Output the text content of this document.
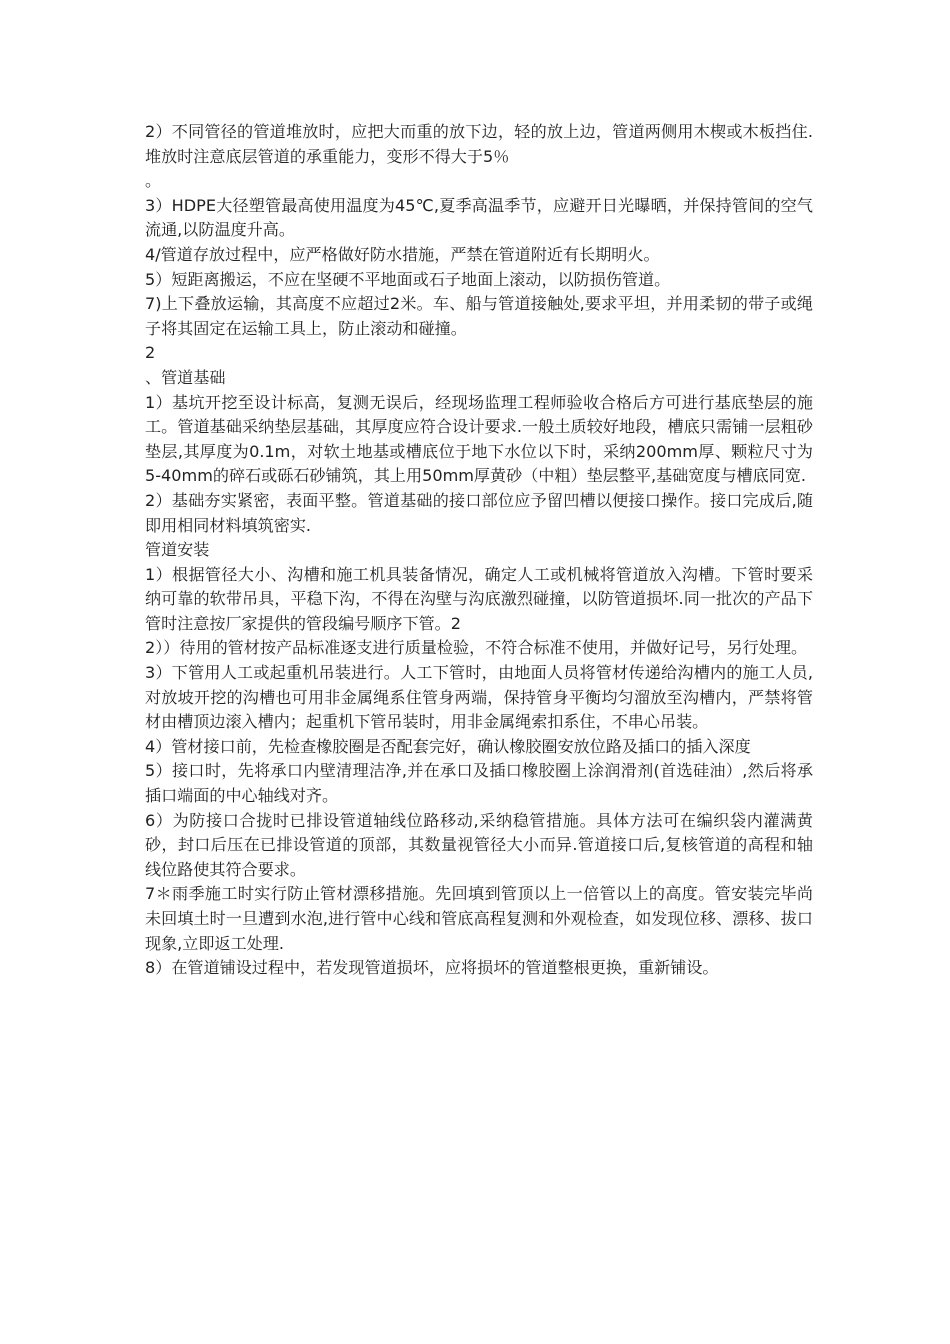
2）不同管径的管道堆放时，应把大而重的放下边，轻的放上边，管道两侧用木楔或木板挡住.堆放时注意底层管道的承重能力，变形不得大于5％

。

3）HDPE大径塑管最高使用温度为45℃,夏季高温季节，应避开日光曝晒，并保持管间的空气流通,以防温度升高。

4/管道存放过程中，应严格做好防水措施，严禁在管道附近有长期明火。

5）短距离搬运，不应在坚硬不平地面或石子地面上滚动，以防损伤管道。

7)上下叠放运输，其高度不应超过2米。车、船与管道接触处,要求平坦，并用柔韧的带子或绳子将其固定在运输工具上，防止滚动和碰撞。

2

、管道基础

1）基坑开挖至设计标高，复测无误后，经现场监理工程师验收合格后方可进行基底垫层的施工。管道基础采纳垫层基础，其厚度应符合设计要求.一般土质较好地段，槽底只需铺一层粗砂垫层,其厚度为0.1m，对软土地基或槽底位于地下水位以下时，采纳200mm厚、颗粒尺寸为5-40mm的碎石或砾石砂铺筑，其上用50mm厚黄砂（中粗）垫层整平,基础宽度与槽底同宽.

2）基础夯实紧密，表面平整。管道基础的接口部位应予留凹槽以便接口操作。接口完成后,随即用相同材料填筑密实.

管道安装

1）根据管径大小、沟槽和施工机具装备情况，确定人工或机械将管道放入沟槽。下管时要采纳可靠的软带吊具，平稳下沟，不得在沟壁与沟底激烈碰撞，以防管道损坏.同一批次的产品下管时注意按厂家提供的管段编号顺序下管。2

2））待用的管材按产品标准逐支进行质量检验，不符合标准不使用，并做好记号，另行处理。

3）下管用人工或起重机吊装进行。人工下管时，由地面人员将管材传递给沟槽内的施工人员,对放坡开挖的沟槽也可用非金属绳系住管身两端，保持管身平衡均匀溜放至沟槽内，严禁将管材由槽顶边滚入槽内；起重机下管吊装时，用非金属绳索扣系住，不串心吊装。

4）管材接口前，先检查橡胶圈是否配套完好，确认橡胶圈安放位路及插口的插入深度

5）接口时，先将承口内壁清理洁净,并在承口及插口橡胶圈上涂润滑剂(首选硅油）,然后将承插口端面的中心轴线对齐。

6）为防接口合拢时已排设管道轴线位路移动,采纳稳管措施。具体方法可在编织袋内灌满黄砂，封口后压在已排设管道的顶部，其数量视管径大小而异.管道接口后,复核管道的高程和轴线位路使其符合要求。

7＊雨季施工时实行防止管材漂移措施。先回填到管顶以上一倍管以上的高度。管安装完毕尚未回填土时一旦遭到水泡,进行管中心线和管底高程复测和外观检查，如发现位移、漂移、拔口现象,立即返工处理.

8）在管道铺设过程中，若发现管道损坏，应将损坏的管道整根更换，重新铺设。
